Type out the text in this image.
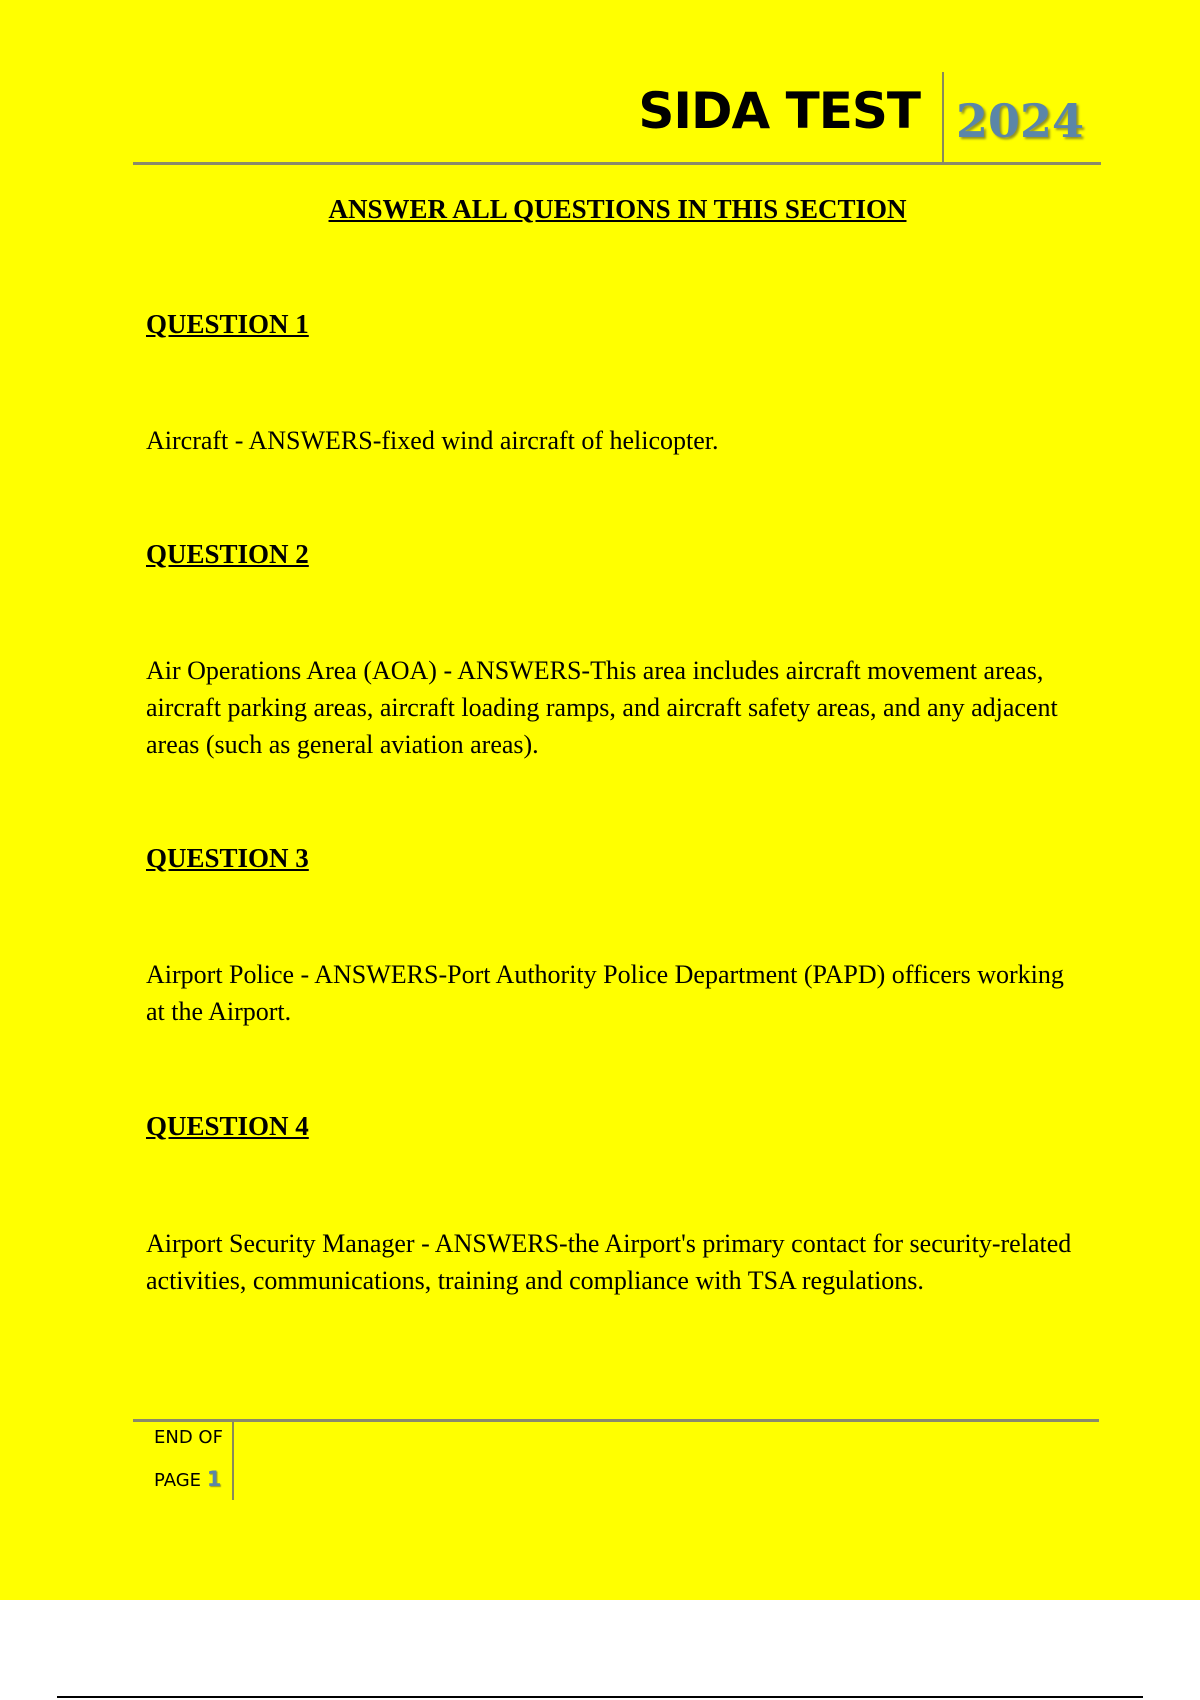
SIDA TEST 2024
ANSWER ALL QUESTIONS IN THIS SECTION
QUESTION 1

Aircraft - ANSWERS-fixed wind aircraft of helicopter.

QUESTION 2

Air Operations Area (AOA) - ANSWERS-This area includes aircraft movement areas, aircraft parking areas, aircraft loading ramps, and aircraft safety areas, and any adjacent areas (such as general aviation areas).

QUESTION 3

Airport Police - ANSWERS-Port Authority Police Department (PAPD) officers working at the Airport.

QUESTION 4

Airport Security Manager - ANSWERS-the Airport's primary contact for security-related activities, communications, training and compliance with TSA regulations.

END OF
PAGE 1
